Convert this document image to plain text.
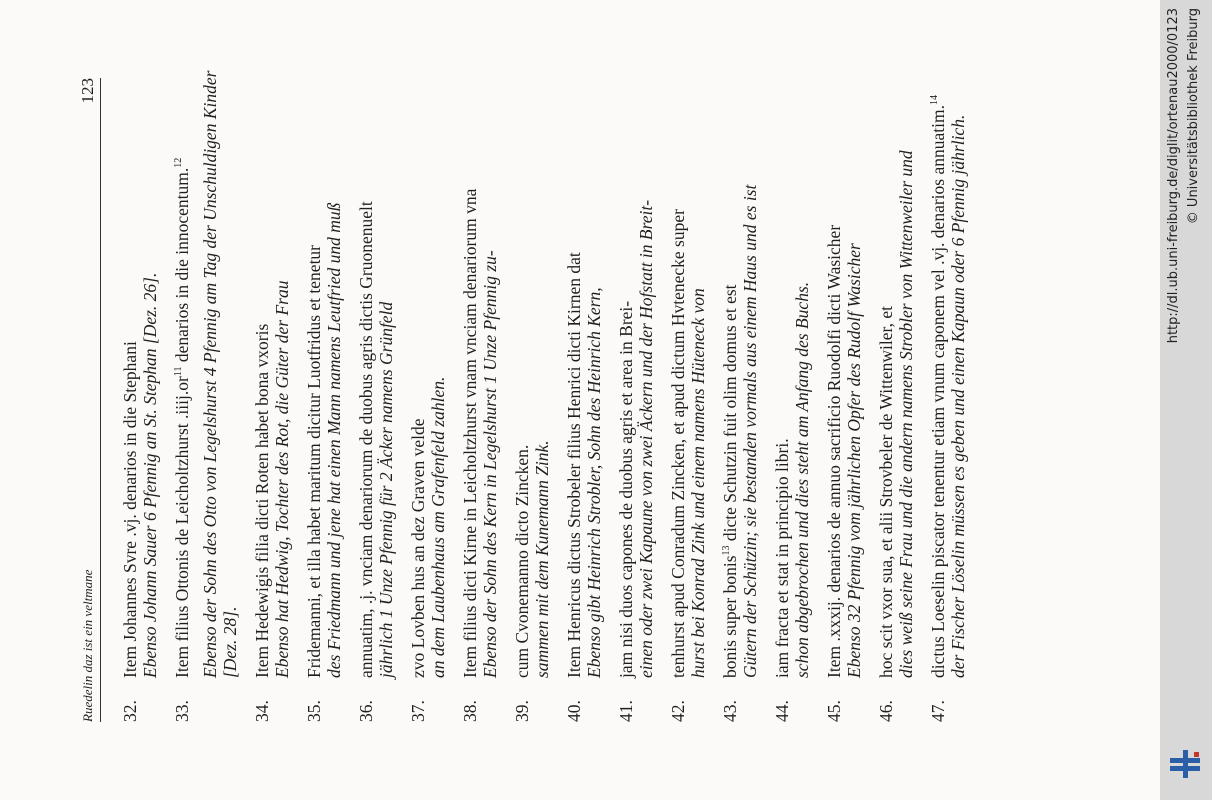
Ruedelin daz ist ein veltmane
123
32.
Item Johannes Svre .vj. denarios in die Stephani Ebenso Johann Sauer 6 Pfennig an St. Stephan [Dez. 26].
33.
Item filius Ottonis de Leicholtzhurst $.iiij.or^{11}$ denarios in die innocentum.$^{12}$ Ebenso der Sohn des Otto von Legelshurst 4 Pfennig am Tag der Unschuldigen Kinder [Dez. 28].
34.
Item Hedewigis filia dicti Roten habet bona vxoris Ebenso hat Hedwig, Tochter des Rot, die Güter der Frau
35.
Fridemanni, et illa habet maritum dicitur Luotfridus et tenetur des Friedmann und jene hat einen Mann namens Leutfried und muß
36.
annuatim, .j. vnciam denariorum de duobus agris dictis Gruonenuelt jährlich 1 Unze Pfennig für 2 Äcker namens Grünfeld
37.
zvo Lovben hus an dez Graven velde an dem Laubenhaus am Grafenfeld zahlen.
38.
Item filius dicti Kirne in Leicholtzhurst vnam vnciam denariorum vna Ebenso der Sohn des Kern in Legelshurst 1 Unze Pfennig zu-
39.
cum Cvonemanno dicto Zincken. sammen mit dem Kunemann Zink.
40.
Item Henricus dictus Strobeler filius Henrici dicti Kirnen dat Ebenso gibt Heinrich Strobler, Sohn des Heinrich Kern,
41.
jam nisi duos capones de duobus agris et area in Brei- einen oder zwei Kapaune von zwei Äckern und der Hofstatt in Breit-
42.
tenhurst apud Conradum Zincken, et apud dictum Hvtenecke super hurst bei Konrad Zink und einem namens Hüteneck von
43.
bonis super bonis$^{13}$ dicte Schutzin fuit olim domus et est Gütern der Schützin; sie bestanden vormals aus einem Haus und es ist
44.
iam fracta et stat in principio libri. schon abgebrochen und dies steht am Anfang des Buchs.
45.
Item .xxxij. denarios de annuo sacrificio Ruodolfi dicti Wasicher Ebenso 32 Pfennig vom jährlichen Opfer des Rudolf Wasicher
46.
hoc scit vxor sua, et alii Strovbeler de Wittenwiler, et dies weiß seine Frau und die andern namens Strobler von Wittenweiler und
47.
dictus Loeselin piscator tenentur etiam vnum caponem vel .vj. denarios annuatim.$^{14}$
der Fischer Löselin müssen es geben und einen Kapaun oder 6 Pfennig jährlich.	http://dl.ub.uni-freiburg.de/diglit/ortenau2000/0123 © Universitätsbibliothek Freiburg
